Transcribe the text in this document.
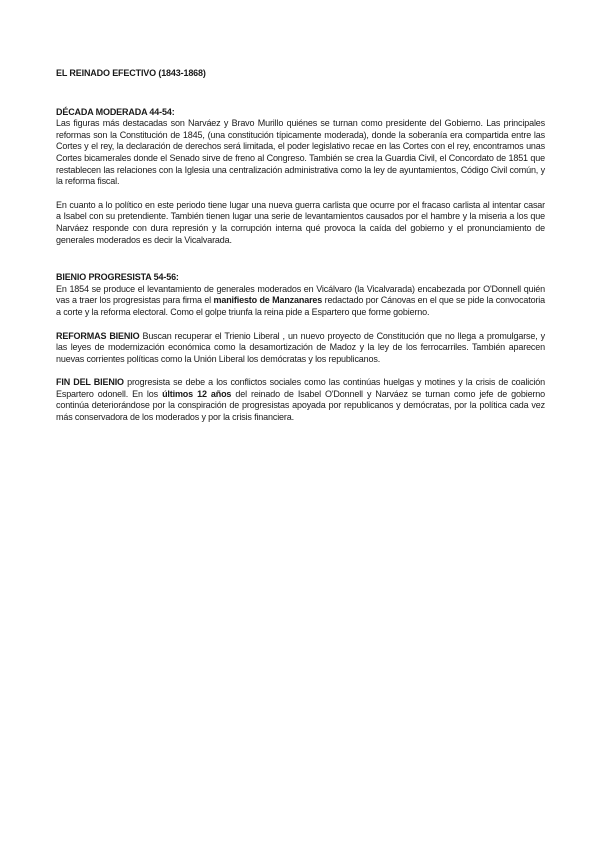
EL REINADO EFECTIVO (1843-1868)
DÉCADA MODERADA 44-54:

Las figuras más destacadas son Narváez y Bravo Murillo quiénes se turnan como presidente del Gobierno. Las principales reformas son la Constitución de 1845, (una constitución típicamente moderada), donde la soberanía era compartida entre las Cortes y el rey, la declaración de derechos será limitada, el poder legislativo recae en las Cortes con el rey, encontramos unas Cortes bicamerales donde el Senado sirve de freno al Congreso. También se crea la Guardia Civil, el Concordato de 1851 que restablecen las relaciones con la Iglesia una centralización administrativa como la ley de ayuntamientos, Código Civil común, y la reforma fiscal.

En cuanto a lo político en este periodo tiene lugar una nueva guerra carlista que ocurre por el fracaso carlista al intentar casar a Isabel con su pretendiente. También tienen lugar una serie de levantamientos causados por el hambre y la miseria a los que Narváez responde con dura represión y la corrupción interna qué provoca la caída del gobierno y el pronunciamiento de generales moderados es decir la Vicalvarada.

BIENIO PROGRESISTA 54-56:

En 1854 se produce el levantamiento de generales moderados en Vicálvaro (la Vicalvarada) encabezada por O'Donnell quién vas a traer los progresistas para firma el manifiesto de Manzanares redactado por Cánovas en el que se pide la convocatoria a corte y la reforma electoral. Como el golpe triunfa la reina pide a Espartero que forme gobierno.

REFORMAS BIENIO Buscan recuperar el Trienio Liberal , un nuevo proyecto de Constitución que no llega a promulgarse, y las leyes de modernización económica como la desamortización de Madoz y la ley de los ferrocarriles. También aparecen nuevas corrientes políticas como la Unión Liberal los demócratas y los republicanos.

FIN DEL BIENIO progresista se debe a los conflictos sociales como las continúas huelgas y motines y la crisis de coalición Espartero odonell. En los últimos 12 años del reinado de Isabel O'Donnell y Narváez se turnan como jefe de gobierno continúa deteriorándose por la conspiración de progresistas apoyada por republicanos y demócratas, por la política cada vez más conservadora de los moderados y por la crisis financiera.
